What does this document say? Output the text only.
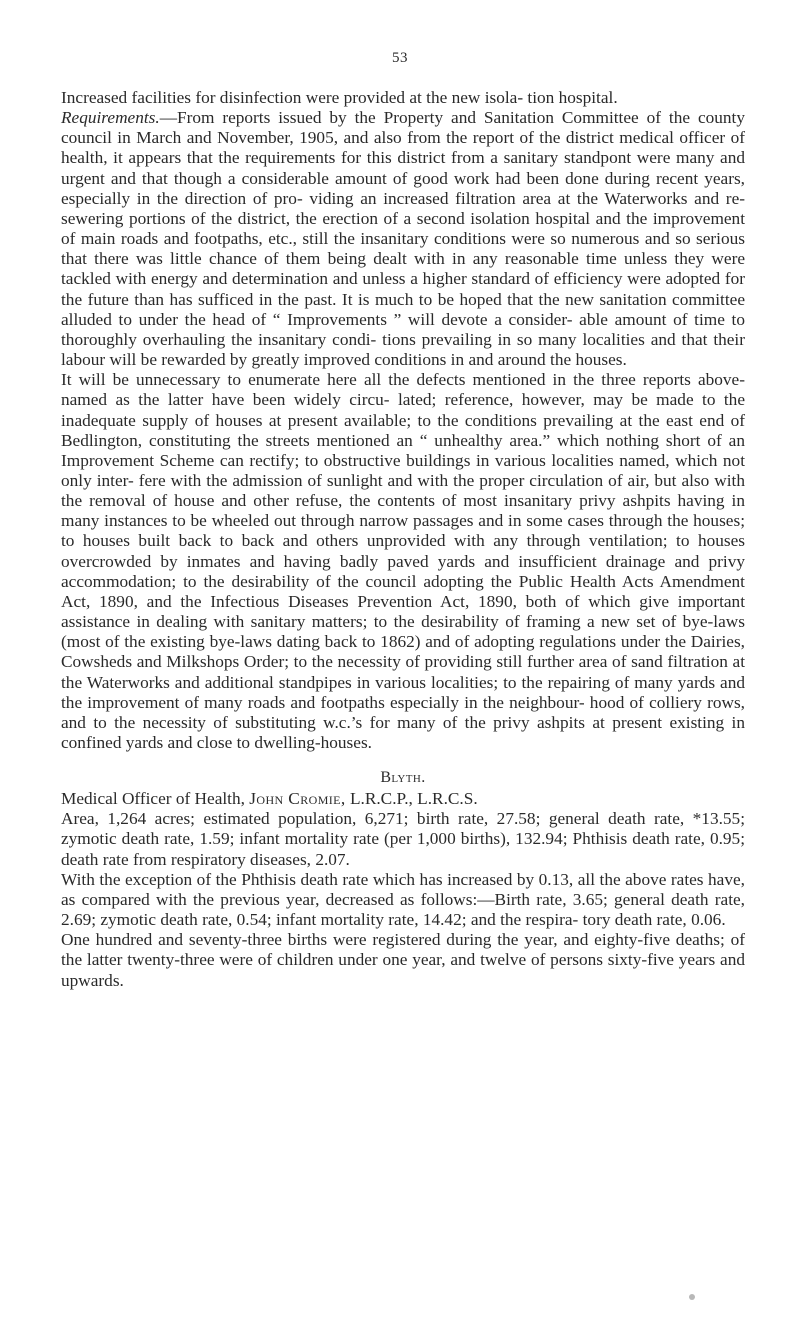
53

Increased facilities for disinfection were provided at the new isola- tion hospital.

Requirements.—From reports issued by the Property and Sanitation Committee of the county council in March and November, 1905, and also from the report of the district medical officer of health, it appears that the requirements for this district from a sanitary standpont were many and urgent and that though a considerable amount of good work had been done during recent years, especially in the direction of pro- viding an increased filtration area at the Waterworks and re-sewering portions of the district, the erection of a second isolation hospital and the improvement of main roads and footpaths, etc., still the insanitary conditions were so numerous and so serious that there was little chance of them being dealt with in any reasonable time unless they were tackled with energy and determination and unless a higher standard of efficiency were adopted for the future than has sufficed in the past. It is much to be hoped that the new sanitation committee alluded to under the head of “ Improvements ” will devote a consider- able amount of time to thoroughly overhauling the insanitary condi- tions prevailing in so many localities and that their labour will be rewarded by greatly improved conditions in and around the houses.

It will be unnecessary to enumerate here all the defects mentioned in the three reports above-named as the latter have been widely circu- lated; reference, however, may be made to the inadequate supply of houses at present available; to the conditions prevailing at the east end of Bedlington, constituting the streets mentioned an “ unhealthy area.” which nothing short of an Improvement Scheme can rectify; to obstructive buildings in various localities named, which not only inter- fere with the admission of sunlight and with the proper circulation of air, but also with the removal of house and other refuse, the contents of most insanitary privy ashpits having in many instances to be wheeled out through narrow passages and in some cases through the houses; to houses built back to back and others unprovided with any through ventilation; to houses overcrowded by inmates and having badly paved yards and insufficient drainage and privy accommodation; to the desirability of the council adopting the Public Health Acts Amendment Act, 1890, and the Infectious Diseases Prevention Act, 1890, both of which give important assistance in dealing with sanitary matters; to the desirability of framing a new set of bye-laws (most of the existing bye-laws dating back to 1862) and of adopting regulations under the Dairies, Cowsheds and Milkshops Order; to the necessity of providing still further area of sand filtration at the Waterworks and additional standpipes in various localities; to the repairing of many yards and the improvement of many roads and footpaths especially in the neighbour- hood of colliery rows, and to the necessity of substituting w.c.’s for many of the privy ashpits at present existing in confined yards and close to dwelling-houses.

Blyth.

Medical Officer of Health, John Cromie, L.R.C.P., L.R.C.S.

Area, 1,264 acres; estimated population, 6,271; birth rate, 27.58; general death rate, *13.55; zymotic death rate, 1.59; infant mortality rate (per 1,000 births), 132.94; Phthisis death rate, 0.95; death rate from respiratory diseases, 2.07.

With the exception of the Phthisis death rate which has increased by 0.13, all the above rates have, as compared with the previous year, decreased as follows:—Birth rate, 3.65; general death rate, 2.69; zymotic death rate, 0.54; infant mortality rate, 14.42; and the respira- tory death rate, 0.06.

One hundred and seventy-three births were registered during the year, and eighty-five deaths; of the latter twenty-three were of children under one year, and twelve of persons sixty-five years and upwards.
